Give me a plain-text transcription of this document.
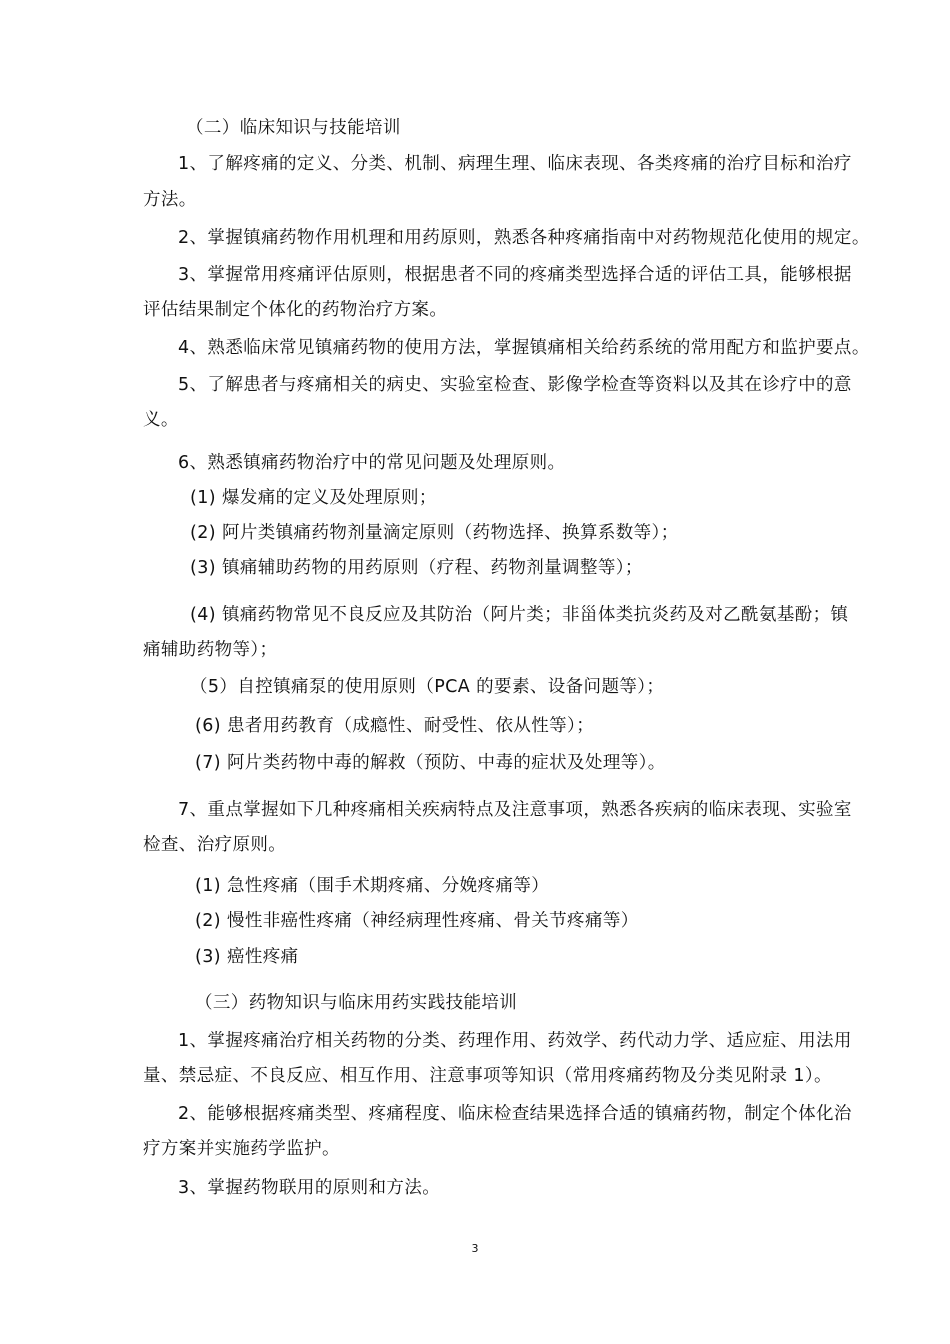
（二）临床知识与技能培训
1、了解疼痛的定义、分类、机制、病理生理、临床表现、各类疼痛的治疗目标和治疗
方法。
2、掌握镇痛药物作用机理和用药原则，熟悉各种疼痛指南中对药物规范化使用的规定。
3、掌握常用疼痛评估原则，根据患者不同的疼痛类型选择合适的评估工具，能够根据
评估结果制定个体化的药物治疗方案。
4、熟悉临床常见镇痛药物的使用方法，掌握镇痛相关给药系统的常用配方和监护要点。
5、了解患者与疼痛相关的病史、实验室检查、影像学检查等资料以及其在诊疗中的意
义。
6、熟悉镇痛药物治疗中的常见问题及处理原则。
(1) 爆发痛的定义及处理原则；
(2) 阿片类镇痛药物剂量滴定原则（药物选择、换算系数等）；
(3) 镇痛辅助药物的用药原则（疗程、药物剂量调整等）；
(4) 镇痛药物常见不良反应及其防治（阿片类；非甾体类抗炎药及对乙酰氨基酚；镇
痛辅助药物等）；
（5）自控镇痛泵的使用原则（PCA 的要素、设备问题等）；
(6) 患者用药教育（成瘾性、耐受性、依从性等）；
(7) 阿片类药物中毒的解救（预防、中毒的症状及处理等）。
7、重点掌握如下几种疼痛相关疾病特点及注意事项，熟悉各疾病的临床表现、实验室
检查、治疗原则。
(1) 急性疼痛（围手术期疼痛、分娩疼痛等）
(2) 慢性非癌性疼痛（神经病理性疼痛、骨关节疼痛等）
(3) 癌性疼痛
（三）药物知识与临床用药实践技能培训
1、掌握疼痛治疗相关药物的分类、药理作用、药效学、药代动力学、适应症、用法用
量、禁忌症、不良反应、相互作用、注意事项等知识（常用疼痛药物及分类见附录 1）。
2、能够根据疼痛类型、疼痛程度、临床检查结果选择合适的镇痛药物，制定个体化治
疗方案并实施药学监护。
3、掌握药物联用的原则和方法。
3
